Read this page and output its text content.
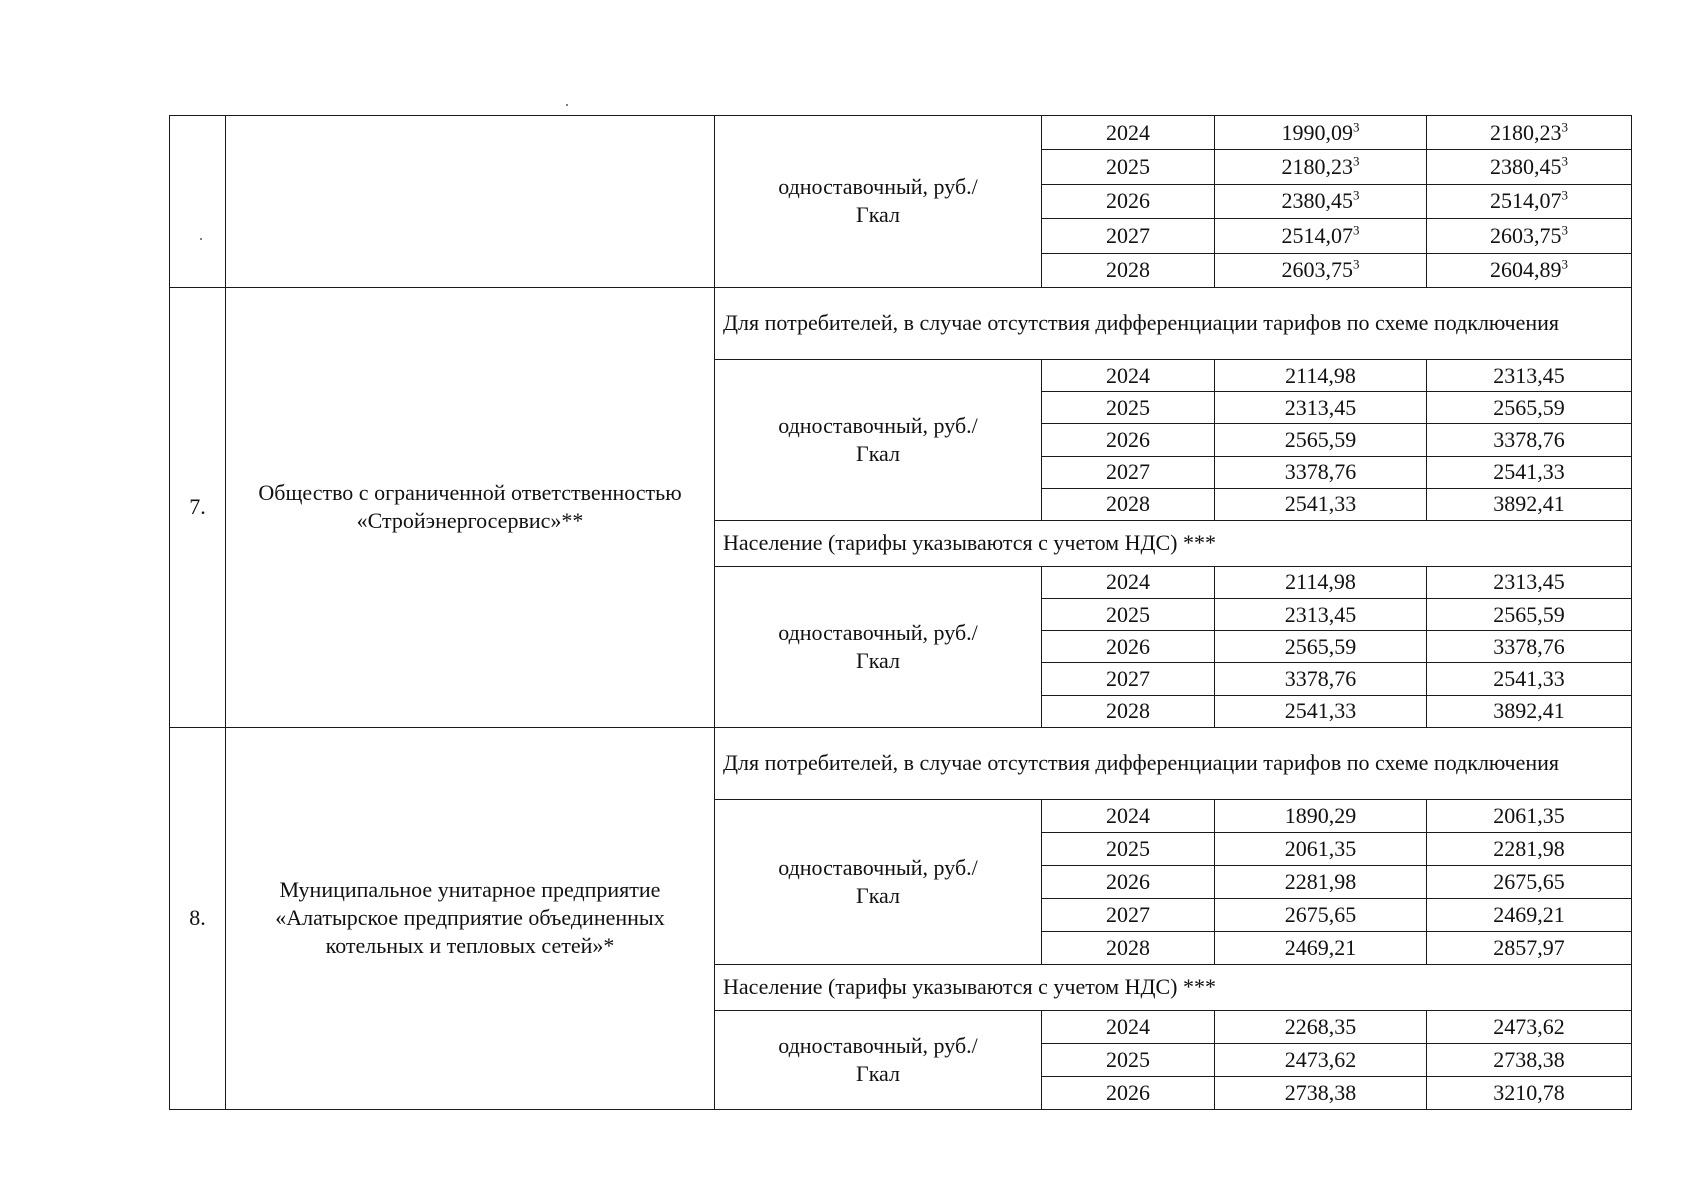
		одноставочный, руб./Гкал	2024	1990,09$^3$	2180,23$^3$
			2025	2180,23$^3$	2380,45$^3$
			2026	2380,45$^3$	2514,07$^3$
			2027	2514,07$^3$	2603,75$^3$
			2028	2603,75$^3$	2604,89$^3$
7.	Общество с ограниченной ответственностью «Стройэнергосервис»**	Для потребителей, в случае отсутствия дифференциации тарифов по схеме подключения			
		одноставочный, руб./Гкал	2024	2114,98	2313,45
			2025	2313,45	2565,59
			2026	2565,59	3378,76
			2027	3378,76	2541,33
			2028	2541,33	3892,41
		Население (тарифы указываются с учетом НДС) ***			
		одноставочный, руб./Гкал	2024	2114,98	2313,45
			2025	2313,45	2565,59
			2026	2565,59	3378,76
			2027	3378,76	2541,33
			2028	2541,33	3892,41
8.	Муниципальное унитарное предприятие «Алатырское предприятие объединенных котельных и тепловых сетей»*	Для потребителей, в случае отсутствия дифференциации тарифов по схеме подключения			
		одноставочный, руб./Гкал	2024	1890,29	2061,35
			2025	2061,35	2281,98
			2026	2281,98	2675,65
			2027	2675,65	2469,21
			2028	2469,21	2857,97
		Население (тарифы указываются с учетом НДС) ***			
		одноставочный, руб./Гкал	2024	2268,35	2473,62
			2025	2473,62	2738,38
			2026	2738,38	3210,78
